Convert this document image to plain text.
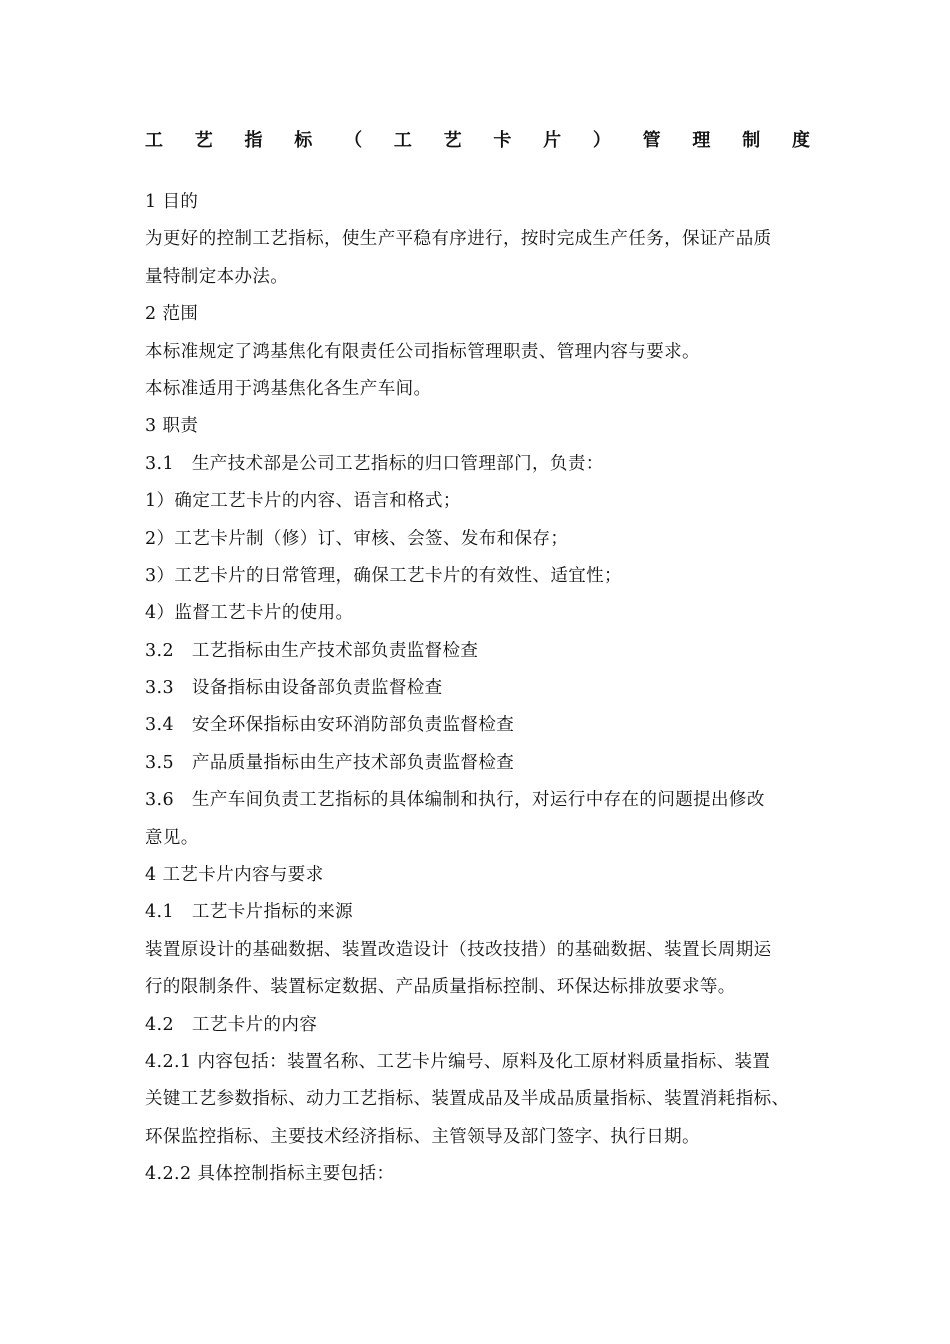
工 艺 指 标 （ 工 艺 卡 片 ） 管 理 制 度
1 目的
为更好的控制工艺指标，使生产平稳有序进行，按时完成生产任务，保证产品质
量特制定本办法。
2 范围
本标准规定了鸿基焦化有限责任公司指标管理职责、管理内容与要求。
本标准适用于鸿基焦化各生产车间。
3 职责
3.1　生产技术部是公司工艺指标的归口管理部门，负责：
1）确定工艺卡片的内容、语言和格式；
2）工艺卡片制（修）订、审核、会签、发布和保存；
3）工艺卡片的日常管理，确保工艺卡片的有效性、适宜性；
4）监督工艺卡片的使用。
3.2　工艺指标由生产技术部负责监督检查
3.3　设备指标由设备部负责监督检查
3.4　安全环保指标由安环消防部负责监督检查
3.5　产品质量指标由生产技术部负责监督检查
3.6　生产车间负责工艺指标的具体编制和执行，对运行中存在的问题提出修改
意见。
4 工艺卡片内容与要求
4.1　工艺卡片指标的来源
装置原设计的基础数据、装置改造设计（技改技措）的基础数据、装置长周期运
行的限制条件、装置标定数据、产品质量指标控制、环保达标排放要求等。
4.2　工艺卡片的内容
4.2.1 内容包括：装置名称、工艺卡片编号、原料及化工原材料质量指标、装置
关键工艺参数指标、动力工艺指标、装置成品及半成品质量指标、装置消耗指标、
环保监控指标、主要技术经济指标、主管领导及部门签字、执行日期。
4.2.2 具体控制指标主要包括：
